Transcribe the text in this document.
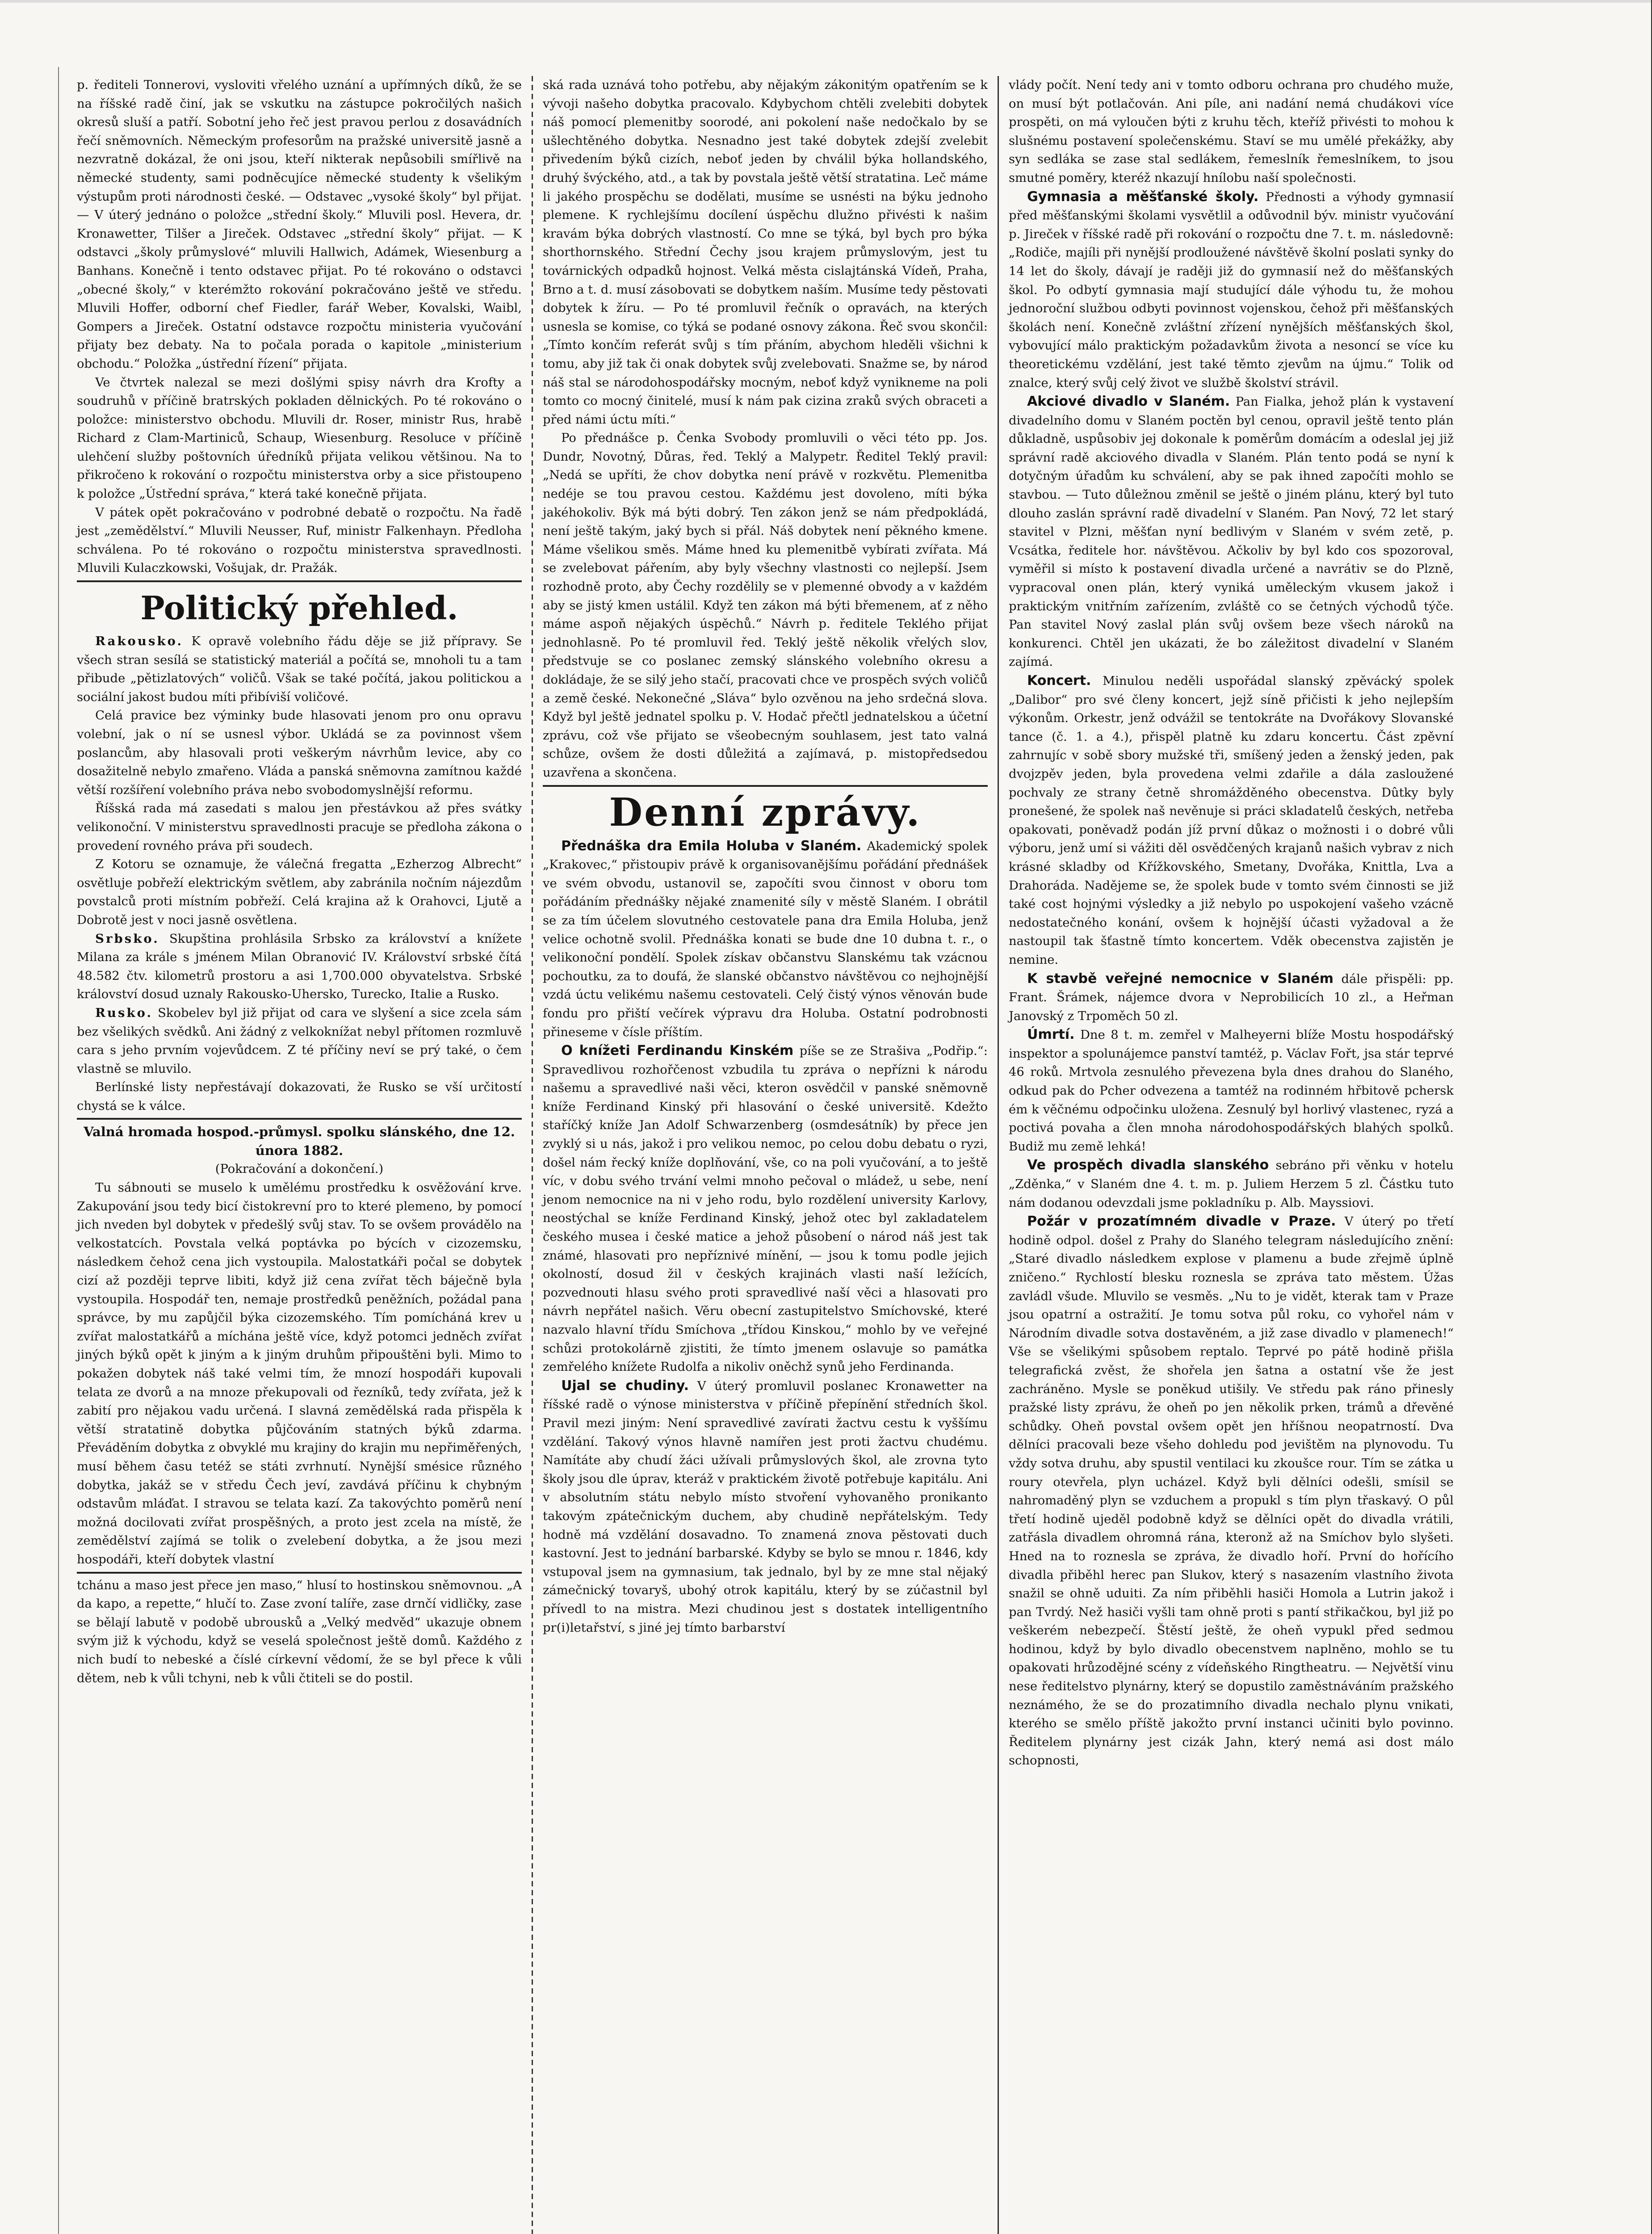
p. řediteli Tonnerovi, vysloviti vřelého uznání a upřímných díků, že se na říšské radě činí, jak se vskutku na zástupce pokročilých našich okresů sluší a patří. Sobotní jeho řeč jest pravou perlou z dosavádních řečí sněmovních. Německým profesorům na pražské universitě jasně a nezvratně dokázal, že oni jsou, kteří nikterak nepůsobili smířlivě na německé studenty, sami podněcujíce německé studenty k všelikým výstupům proti národnosti české. — Odstavec „vysoké školy“ byl přijat. — V úterý jednáno o položce „střední školy.“ Mluvili posl. Hevera, dr. Kronawetter, Tilšer a Jireček. Odstavec „střední školy“ přijat. — K odstavci „školy průmyslové“ mluvili Hallwich, Adámek, Wiesenburg a Banhans. Konečně i tento odstavec přijat. Po té rokováno o odstavci „obecné školy,“ v kterémžto rokování pokračováno ještě ve středu. Mluvili Hoffer, odborní chef Fiedler, farář Weber, Kovalski, Waibl, Gompers a Jireček. Ostatní odstavce rozpočtu ministeria vyučování přijaty bez debaty. Na to počala porada o kapitole „ministerium obchodu.“ Položka „ústřední řízení“ přijata.

Ve čtvrtek nalezal se mezi došlými spisy návrh dra Krofty a soudruhů v příčině bratrských pokladen dělnických. Po té rokováno o položce: ministerstvo obchodu. Mluvili dr. Roser, ministr Rus, hrabě Richard z Clam-Martiniců, Schaup, Wiesenburg. Resoluce v příčině ulehčení služby poštovních úředníků přijata velikou většinou. Na to přikročeno k rokování o rozpočtu ministerstva orby a sice přistoupeno k položce „Ústřední správa,“ která také konečně přijata.

V pátek opět pokračováno v podrobné debatě o rozpočtu. Na řadě jest „zemědělství.“ Mluvili Neusser, Ruf, ministr Falkenhayn. Předloha schválena. Po té rokováno o rozpočtu ministerstva spravedlnosti. Mluvili Kulaczkowski, Vošujak, dr. Pražák.

Politický přehled.

Rakousko. K opravě volebního řádu děje se již přípravy. Se všech stran sesílá se statistický materiál a počítá se, mnoholi tu a tam přibude „pětizlatových“ voličů. Však se také počítá, jakou politickou a sociální jakost budou míti přibíviší voličové.

Celá pravice bez výminky bude hlasovati jenom pro onu opravu volební, jak o ní se usnesl výbor. Ukládá se za povinnost všem poslancům, aby hlasovali proti veškerým návrhům levice, aby co dosažitelně nebylo zmařeno. Vláda a panská sněmovna zamítnou každé větší rozšíření volebního práva nebo svobodomyslnější reformu.

Říšská rada má zasedati s malou jen přestávkou až přes svátky velikonoční. V ministerstvu spravedlnosti pracuje se předloha zákona o provedení rovného práva při soudech.

Z Kotoru se oznamuje, že válečná fregatta „Ezherzog Albrecht“ osvětluje pobřeží elektrickým světlem, aby zabránila nočním nájezdům povstalců proti místním pobřeží. Celá krajina až k Orahovci, Ljutě a Dobrotě jest v noci jasně osvětlena.

Srbsko. Skupština prohlásila Srbsko za království a knížete Milana za krále s jménem Milan Obranović IV. Království srbské čítá 48.582 čtv. kilometrů prostoru a asi 1,700.000 obyvatelstva. Srbské království dosud uznaly Rakousko-Uhersko, Turecko, Italie a Rusko.

Rusko. Skobelev byl již přijat od cara ve slyšení a sice zcela sám bez všelikých svědků. Ani žádný z velkoknížat nebyl přítomen rozmluvě cara s jeho prvním vojevůdcem. Z té příčiny neví se prý také, o čem vlastně se mluvilo.

Berlínské listy nepřestávají dokazovati, že Rusko se vší určitostí chystá se k válce.

Valná hromada hospod.-průmysl. spolku slánského, dne 12. února 1882.
(Pokračování a dokončení.)

Tu sábnouti se muselo k umělému prostředku k osvěžování krve. Zakupování jsou tedy bicí čistokrevní pro to které plemeno, by pomocí jich nveden byl dobytek v předešlý svůj stav. To se ovšem provádělo na velkostatcích. Povstala velká poptávka po býcích v cizozemsku, následkem čehož cena jich vystoupila. Malostatkáři počal se dobytek cizí až později teprve libiti, když již cena zvířat těch báječně byla vystoupila. Hospodář ten, nemaje prostředků peněžních, požádal pana správce, by mu zapůjčil býka cizozemského. Tím pomícháná krev u zvířat malostatkářů a míchána ještě více, když potomci jedněch zvířat jiných býků opět k jiným a k jiným druhům připouštěni byli. Mimo to pokažen dobytek náš také velmi tím, že mnozí hospodáři kupovali telata ze dvorů a na mnoze překupovali od řezníků, tedy zvířata, jež k zabití pro nějakou vadu určená. I slavná zemědělská rada přispěla k větší stratatině dobytka půjčováním statných býků zdarma. Převáděním dobytka z obvyklé mu krajiny do krajin mu nepřiměřených, musí během času tetéž se státi zvrhnutí. Nynější smésice různého dobytka, jakáž se v středu Čech jeví, zavdává příčinu k chybným odstavům mláďat. I stravou se telata kazí. Za takovýchto poměrů není možná docilovati zvířat prospěšných, a proto jest zcela na místě, že zemědělství zajímá se tolik o zvelebení dobytka, a že jsou mezi hospodáři, kteří dobytek vlastní

tchánu a maso jest přece jen maso,“ hlusí to hostinskou sněmovnou. „A da kapo, a repette,“ hlučí to. Zase zvoní talíře, zase drnčí vidličky, zase se bělají labutě v podobě ubrousků a „Velký medvěd“ ukazuje obnem svým již k východu, když se veselá společnost ještě domů. Každého z nich budí to nebeské a číslé církevní vědomí, že se byl přece k vůli dětem, neb k vůli tchyni, neb k vůli čtiteli se do postil.

ská rada uznává toho potřebu, aby nějakým zákonitým opatřením se k vývoji našeho dobytka pracovalo. Kdybychom chtěli zvelebiti dobytek náš pomocí plemenitby soorodé, ani pokolení naše nedočkalo by se ušlechtěného dobytka. Nesnadno jest také dobytek zdejší zvelebit přivedením býků cizích, neboť jeden by chválil býka hollandského, druhý švýckého, atd., a tak by povstala ještě větší stratatina. Leč máme li jakého prospěchu se dodělati, musíme se usnésti na býku jednoho plemene. K rychlejšímu docílení úspěchu dlužno přivésti k našim kravám býka dobrých vlastností. Co mne se týká, byl bych pro býka shorthornského. Střední Čechy jsou krajem průmyslovým, jest tu továrnických odpadků hojnost. Velká města cislajtánská Vídeň, Praha, Brno a t. d. musí zásobovati se dobytkem naším. Musíme tedy pěstovati dobytek k žíru. — Po té promluvil řečník o opravách, na kterých usnesla se komise, co týká se podané osnovy zákona. Řeč svou skončil: „Tímto končím referát svůj s tím přáním, abychom hleděli všichni k tomu, aby již tak či onak dobytek svůj zvelebovati. Snažme se, by národ náš stal se národohospodářsky mocným, neboť když vynikneme na poli tomto co mocný činitelé, musí k nám pak cizina zraků svých obraceti a před námi úctu míti.“

Po přednášce p. Čenka Svobody promluvili o věci této pp. Jos. Dundr, Novotný, Důras, řed. Teklý a Malypetr. Ředitel Teklý pravil: „Nedá se upříti, že chov dobytka není právě v rozkvětu. Plemenitba nedéje se tou pravou cestou. Každému jest dovoleno, míti býka jakéhokoliv. Býk má býti dobrý. Ten zákon jenž se nám předpokládá, není ještě takým, jaký bych si přál. Náš dobytek není pěkného kmene. Máme všelikou směs. Máme hned ku plemenitbě vybírati zvířata. Má se zvelebovat pářením, aby byly všechny vlastnosti co nejlepší. Jsem rozhodně proto, aby Čechy rozdělily se v plemenné obvody a v každém aby se jistý kmen ustálil. Když ten zákon má býti břemenem, ať z něho máme aspoň nějakých úspěchů.“ Návrh p. ředitele Teklého přijat jednohlasně. Po té promluvil řed. Teklý ještě několik vřelých slov, předstvuje se co poslanec zemský slánského volebního okresu a dokládaje, že se silý jeho stačí, pracovati chce ve prospěch svých voličů a země české. Nekonečné „Sláva“ bylo ozvěnou na jeho srdečná slova. Když byl ještě jednatel spolku p. V. Hodač přečtl jednatelskou a účetní zprávu, což vše přijato se všeobecným souhlasem, jest tato valná schůze, ovšem že dosti důležitá a zajímavá, p. mistopředsedou uzavřena a skončena.

Denní zprávy.

Přednáška dra Emila Holuba v Slaném. Akademický spolek „Krakovec,“ přistoupiv právě k organisovanějšímu pořádání přednášek ve svém obvodu, ustanovil se, započíti svou činnost v oboru tom pořádáním přednášky nějaké znamenité síly v městě Slaném. I obrátil se za tím účelem slovutného cestovatele pana dra Emila Holuba, jenž velice ochotně svolil. Přednáška konati se bude dne 10 dubna t. r., o velikonoční pondělí. Spolek získav občanstvu Slanskému tak vzácnou pochoutku, za to doufá, že slanské občanstvo návštěvou co nejhojnější vzdá úctu velikému našemu cestovateli. Celý čistý výnos věnován bude fondu pro přiští večírek výpravu dra Holuba. Ostatní podrobnosti přineseme v čísle příštím.

O knížeti Ferdinandu Kinském píše se ze Strašiva „Podřip.“: Spravedlivou rozhořčenost vzbudila tu zpráva o nepřízni k národu našemu a spravedlivé naši věci, kteron osvědčil v panské sněmovně kníže Ferdinand Kinský při hlasování o české universitě. Kdežto staříčký kníže Jan Adolf Schwarzenberg (osmdesátník) by přece jen zvyklý si u nás, jakož i pro velikou nemoc, po celou dobu debatu o ryzi, došel nám řecký kníže doplňování, vše, co na poli vyučování, a to ještě víc, v dobu svého trvání velmi mnoho pečoval o mládež, u sebe, není jenom nemocnice na ni v jeho rodu, bylo rozdělení university Karlovy, neostýchal se kníže Ferdinand Kinský, jehož otec byl zakladatelem českého musea i české matice a jehož působení o národ náš jest tak známé, hlasovati pro nepříznivé mínění, — jsou k tomu podle jejich okolností, dosud žil v českých krajinách vlasti naší ležících, pozvednouti hlasu svého proti spravedlivé naší věci a hlasovati pro návrh nepřátel našich. Věru obecní zastupitelstvo Smíchovské, které nazvalo hlavní třídu Smíchova „třídou Kinskou,“ mohlo by ve veřejné schůzi protokolárně zjistiti, že tímto jmenem oslavuje so památka zemřelého knížete Rudolfa a nikoliv oněchž synů jeho Ferdinanda.

Ujal se chudiny. V úterý promluvil poslanec Kronawetter na říšské radě o výnose ministerstva v příčině přepínění středních škol. Pravil mezi jiným: Není spravedlivé zavírati žactvu cestu k vyššímu vzdělání. Takový výnos hlavně namířen jest proti žactvu chudému. Namítáte aby chudí žáci užívali průmyslových škol, ale zrovna tyto školy jsou dle úprav, kteráž v praktickém životě potřebuje kapitálu. Ani v absolutním státu nebylo místo stvoření vyhovaněho pronikanto takovým zpátečnickým duchem, aby chudině nepřátelským. Tedy hodně má vzdělání dosavadno. To znamená znova pěstovati duch kastovní. Jest to jednání barbarské. Kdyby se bylo se mnou r. 1846, kdy vstupoval jsem na gymnasium, tak jednalo, byl by ze mne stal nějaký zámečnický tovaryš, ubohý otrok kapitálu, který by se zúčastnil byl přívedl to na mistra. Mezi chudinou jest s dostatek intelligentního pr(i)letařství, s jiné jej tímto barbarství

vlády počít. Není tedy ani v tomto odboru ochrana pro chudého muže, on musí být potlačován. Ani píle, ani nadání nemá chudákovi více prospěti, on má vyloučen býti z kruhu těch, kteříž přivésti to mohou k slušnému postavení společenskému. Staví se mu umělé překážky, aby syn sedláka se zase stal sedlákem, řemeslník řemeslníkem, to jsou smutné poměry, kteréž nkazují hnílobu naší společnosti.

Gymnasia a měšťanské školy. Přednosti a výhody gymnasií před měšťanskými školami vysvětlil a odůvodnil býv. ministr vyučování p. Jireček v říšské radě při rokování o rozpočtu dne 7. t. m. následovně: „Rodiče, majíli při nynější prodloužené návštěvě školní poslati synky do 14 let do školy, dávají je raději již do gymnasií než do měšťanských škol. Po odbytí gymnasia mají studující dále výhodu tu, že mohou jednoroční službou odbyti povinnost vojenskou, čehož při měšťanských školách není. Konečně zvláštní zřízení nynějších měšťanských škol, vybovující málo praktickým požadavkům života a nesoncí se více ku theoretickému vzdělání, jest také těmto zjevům na újmu.“ Tolik od znalce, který svůj celý život ve službě školství strávil.

Akciové divadlo v Slaném. Pan Fialka, jehož plán k vystavení divadelního domu v Slaném poctěn byl cenou, opravil ještě tento plán důkladně, uspůsobiv jej dokonale k poměrům domácím a odeslal jej již správní radě akciového divadla v Slaném. Plán tento podá se nyní k dotyčným úřadům ku schválení, aby se pak ihned započíti mohlo se stavbou. — Tuto důležnou změnil se ještě o jiném plánu, který byl tuto dlouho zaslán správní radě divadelní v Slaném. Pan Nový, 72 let starý stavitel v Plzni, měšťan nyní bedlivým v Slaném v svém zetě, p. Vcsátka, ředitele hor. návštěvou. Ačkoliv by byl kdo cos spozoroval, vyměřil si místo k postavení divadla určené a navrátiv se do Plzně, vypracoval onen plán, který vyniká uměleckým vkusem jakož i praktickým vnitřním zařízením, zvláště co se četných východů týče. Pan stavitel Nový zaslal plán svůj ovšem beze všech nároků na konkurenci. Chtěl jen ukázati, že bo záležitost divadelní v Slaném zajímá.

Koncert. Minulou neděli uspořádal slanský zpěvácký spolek „Dalibor“ pro své členy koncert, jejž síně přičisti k jeho nejlepším výkonům. Orkestr, jenž odvážil se tentokráte na Dvořákovy Slovanské tance (č. 1. a 4.), přispěl platně ku zdaru koncertu. Část zpěvní zahrnujíc v sobě sbory mužské tři, smíšený jeden a ženský jeden, pak dvojzpěv jeden, byla provedena velmi zdařile a dála zasloužené pochvaly ze strany četně shromážděného obecenstva. Dûtky byly pronešené, že spolek naš nevěnuje si práci skladatelů českých, netřeba opakovati, poněvadž podán jíž první důkaz o možnosti i o dobré vůli výboru, jenž umí si vážiti děl osvědčených krajanů našich vybrav z nich krásné skladby od Křížkovského, Smetany, Dvořáka, Knittla, Lva a Drahoráda. Nadějeme se, že spolek bude v tomto svém činnosti se již také cost hojnými výsledky a již nebylo po uspokojení vašeho vzácně nedostatečného konání, ovšem k hojnější účasti vyžadoval a že nastoupil tak šťastně tímto koncertem. Vděk obecenstva zajistěn je nemine.

K stavbě veřejné nemocnice v Slaném dále přispěli: pp. Frant. Šrámek, nájemce dvora v Neprobilicích 10 zl., a Heřman Janovský z Trpoměch 50 zl.

Úmrtí. Dne 8 t. m. zemřel v Malheyerni blíže Mostu hospodářský inspektor a spolunájemce panství tamtéž, p. Václav Fořt, jsa stár teprvé 46 roků. Mrtvola zesnulého převezena byla dnes drahou do Slaného, odkud pak do Pcher odvezena a tamtéž na rodinném hřbitově pchersk ém k věčnému odpočinku uložena. Zesnulý byl horlivý vlastenec, ryzá a poctivá povaha a člen mnoha národohospodářských blahých spolků. Budiž mu země lehká!

Ve prospěch divadla slanského sebráno při věnku v hotelu „Zděnka,“ v Slaném dne 4. t. m. p. Juliem Herzem 5 zl. Částku tuto nám dodanou odevzdali jsme pokladníku p. Alb. Mayssiovi.

Požár v prozatímném divadle v Praze. V úterý po třetí hodině odpol. došel z Prahy do Slaného telegram následujícího znění: „Staré divadlo následkem explose v plamenu a bude zřejmě úplně zničeno.“ Rychlostí blesku roznesla se zpráva tato městem. Úžas zavládl všude. Mluvilo se vesměs. „Nu to je vidět, kterak tam v Praze jsou opatrní a ostražití. Je tomu sotva půl roku, co vyhořel nám v Národním divadle sotva dostavěném, a již zase divadlo v plamenech!“ Vše se všelikými spůsobem reptalo. Teprvé po pátě hodině přišla telegrafická zvěst, že shořela jen šatna a ostatní vše že jest zachráněno. Mysle se poněkud utišily. Ve středu pak ráno přinesly pražské listy zprávu, že oheň po jen několik prken, trámů a dřevěné schůdky. Oheň povstal ovšem opět jen hříšnou neopatrností. Dva dělníci pracovali beze všeho dohledu pod jevištěm na plynovodu. Tu vždy sotva druhu, aby spustil ventilaci ku zkoušce rour. Tím se zátka u roury otevřela, plyn ucházel. Když byli dělníci odešli, smísil se nahromaděný plyn se vzduchem a propukl s tím plyn třaskavý. O půl třetí hodině ujeděl podobně když se dělníci opět do divadla vrátili, zatřásla divadlem ohromná rána, kteronž až na Smíchov bylo slyšeti. Hned na to roznesla se zpráva, že divadlo hoří. První do hořícího divadla přiběhl herec pan Slukov, který s nasazením vlastního života snažil se ohně uduiti. Za ním přiběhli hasiči Homola a Lutrin jakož i pan Tvrdý. Než hasiči vyšli tam ohně proti s pantí střikačkou, byl již po veškerém nebezpečí. Štěstí ještě, že oheň vypukl před sedmou hodinou, když by bylo divadlo obecenstvem naplněno, mohlo se tu opakovati hrůzodějné scény z vídeňského Ringtheatru. — Největší vinu nese ředitelstvo plynárny, který se dopustilo zaměstnáváním pražského neznámého, že se do prozatimního divadla nechalo plynu vnikati, kterého se smělo příště jakožto první instanci učiniti bylo povinno. Ředitelem plynárny jest cizák Jahn, který nemá asi dost málo schopnosti,
